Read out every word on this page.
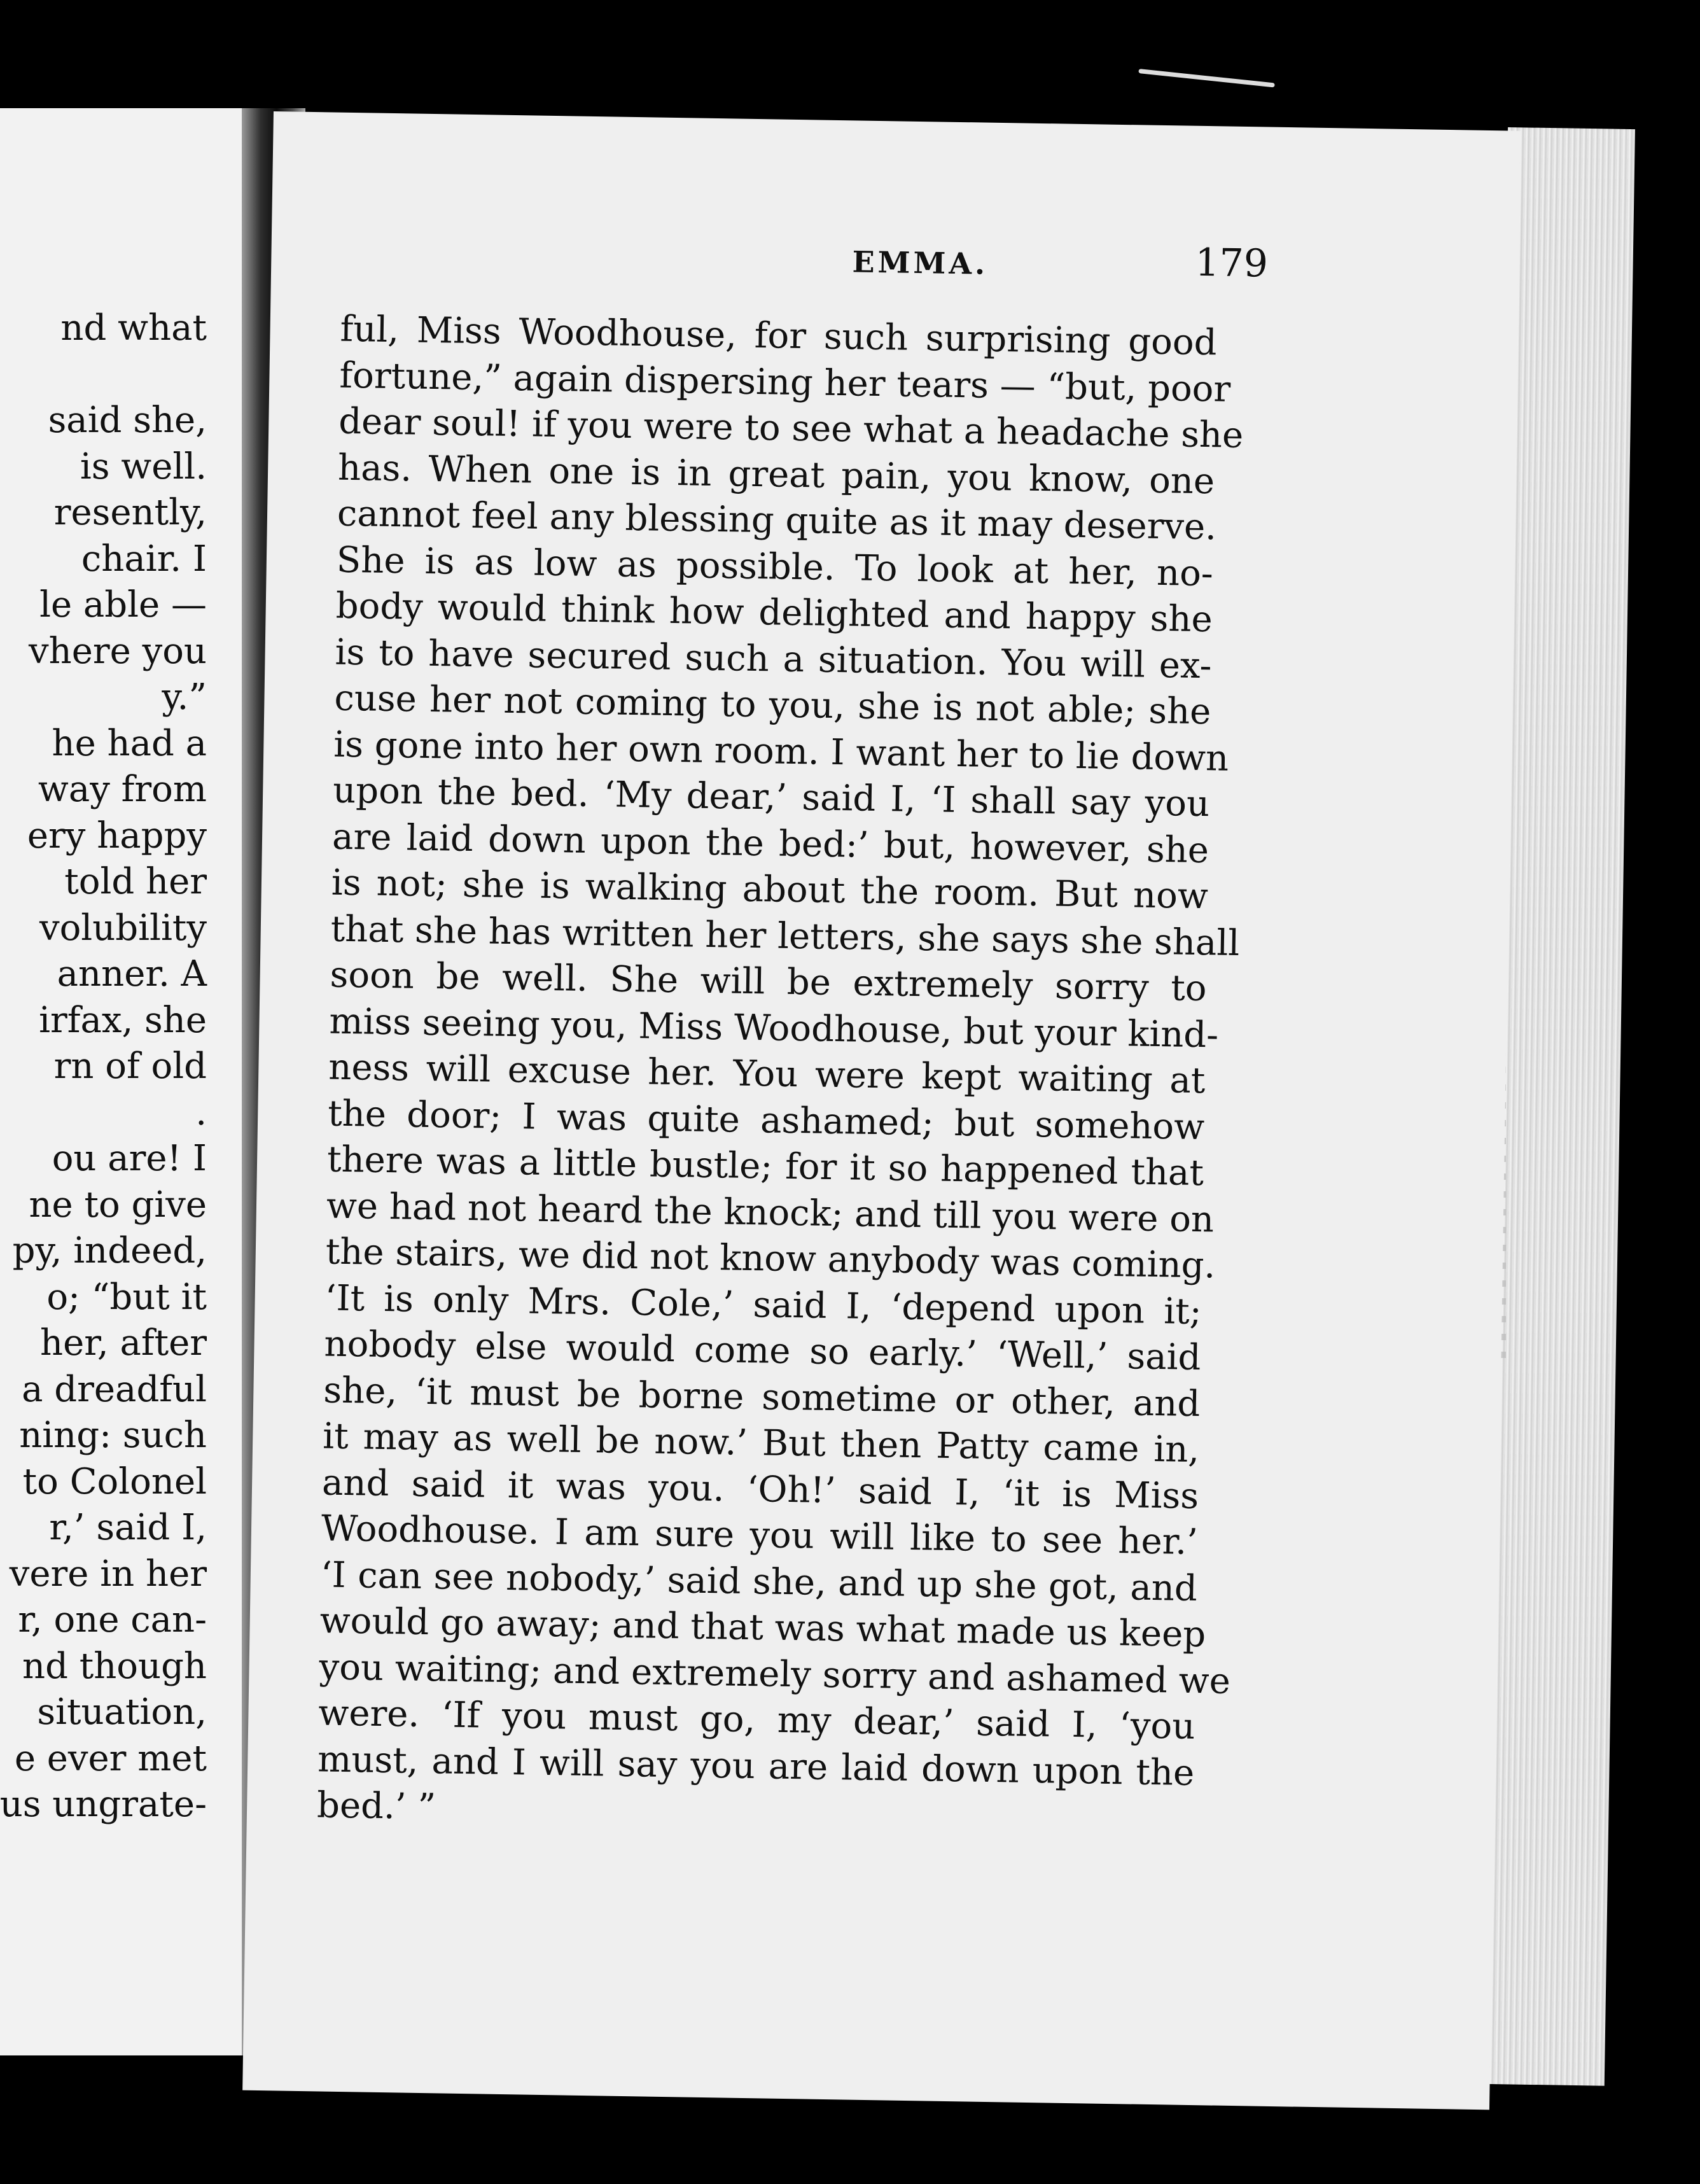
nd what

said she,
is well.
resently,
chair. I
le able —
vhere you
y.”
he had a
way from
ery happy
told her
volubility
anner. A
irfax, she
rn of old
.
ou are! I
ne to give
py, indeed,
o; “but it
her, after
a dreadful
ning: such
to Colonel
r,’ said I,
vere in her
r, one can-
nd though
situation,
e ever met
us ungrate-
EMMA.	179
ful, Miss Woodhouse, for such surprising good
fortune,” again dispersing her tears — “but, poor
dear soul! if you were to see what a headache she
has. When one is in great pain, you know, one
cannot feel any blessing quite as it may deserve.
She is as low as possible. To look at her, no-
body would think how delighted and happy she
is to have secured such a situation. You will ex-
cuse her not coming to you, she is not able; she
is gone into her own room. I want her to lie down
upon the bed. ‘My dear,’ said I, ‘I shall say you
are laid down upon the bed:’ but, however, she
is not; she is walking about the room. But now
that she has written her letters, she says she shall
soon be well. She will be extremely sorry to
miss seeing you, Miss Woodhouse, but your kind-
ness will excuse her. You were kept waiting at
the door; I was quite ashamed; but somehow
there was a little bustle; for it so happened that
we had not heard the knock; and till you were on
the stairs, we did not know anybody was coming.
‘It is only Mrs. Cole,’ said I, ‘depend upon it;
nobody else would come so early.’ ‘Well,’ said
she, ‘it must be borne sometime or other, and
it may as well be now.’ But then Patty came in,
and said it was you. ‘Oh!’ said I, ‘it is Miss
Woodhouse. I am sure you will like to see her.’
‘I can see nobody,’ said she, and up she got, and
would go away; and that was what made us keep
you waiting; and extremely sorry and ashamed we
were. ‘If you must go, my dear,’ said I, ‘you
must, and I will say you are laid down upon the
bed.’ ”
